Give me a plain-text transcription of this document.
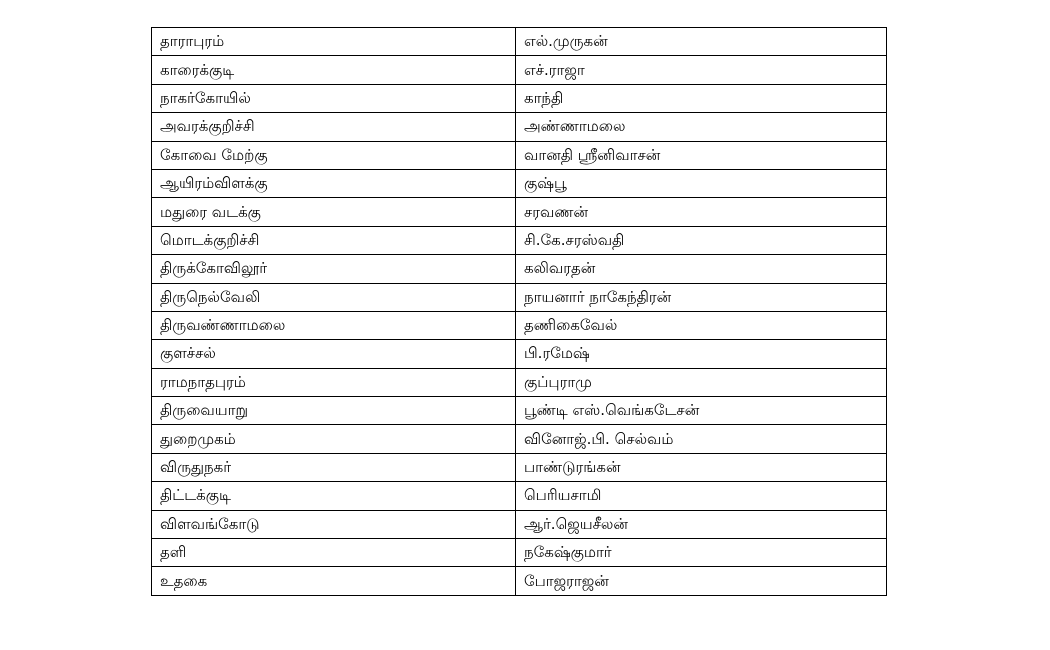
தாராபுரம்	எல்.முருகன்
காரைக்குடி	எச்.ராஜா
நாகர்கோயில்	காந்தி
அவரக்குறிச்சி	அண்ணாமலை
கோவை மேற்கு	வானதி ஸ்ரீனிவாசன்
ஆயிரம்விளக்கு	குஷ்பூ
மதுரை வடக்கு	சரவணன்
மொடக்குறிச்சி	சி.கே.சரஸ்வதி
திருக்கோவிலூர்	கலிவரதன்
திருநெல்வேலி	நாயனார் நாகேந்திரன்
திருவண்ணாமலை	தணிகைவேல்
குளச்சல்	பி.ரமேஷ்
ராமநாதபுரம்	குப்புராமு
திருவையாறு	பூண்டி எஸ்.வெங்கடேசன்
துறைமுகம்	வினோஜ்.பி. செல்வம்
விருதுநகர்	பாண்டுரங்கன்
திட்டக்குடி	பெரியசாமி
விளவங்கோடு	ஆர்.ஜெயசீலன்
தளி	நகேஷ்குமார்
உதகை	போஜராஜன்
